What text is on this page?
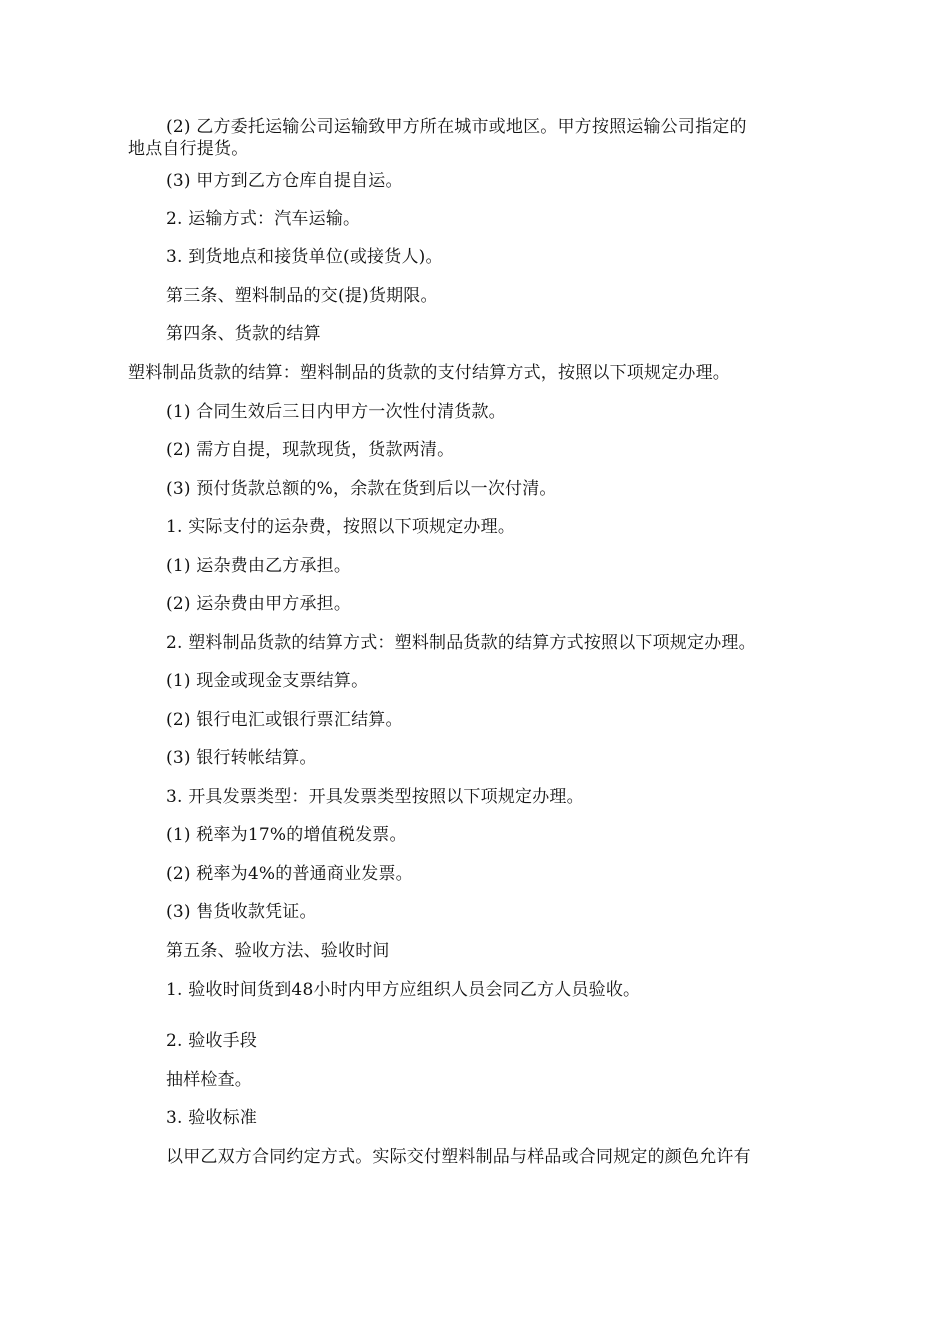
(2) 乙方委托运输公司运输致甲方所在城市或地区。甲方按照运输公司指定的
地点自行提货。
(3) 甲方到乙方仓库自提自运。
2. 运输方式：汽车运输。
3. 到货地点和接货单位(或接货人)。
第三条、塑料制品的交(提)货期限。
第四条、货款的结算
塑料制品货款的结算：塑料制品的货款的支付结算方式，按照以下项规定办理。
(1) 合同生效后三日内甲方一次性付清货款。
(2) 需方自提，现款现货，货款两清。
(3) 预付货款总额的%，余款在货到后以一次付清。
1. 实际支付的运杂费，按照以下项规定办理。
(1) 运杂费由乙方承担。
(2) 运杂费由甲方承担。
2. 塑料制品货款的结算方式：塑料制品货款的结算方式按照以下项规定办理。
(1) 现金或现金支票结算。
(2) 银行电汇或银行票汇结算。
(3) 银行转帐结算。
3. 开具发票类型：开具发票类型按照以下项规定办理。
(1) 税率为17%的增值税发票。
(2) 税率为4%的普通商业发票。
(3) 售货收款凭证。
第五条、验收方法、验收时间
1. 验收时间货到48小时内甲方应组织人员会同乙方人员验收。
2. 验收手段
抽样检查。
3. 验收标准
以甲乙双方合同约定方式。实际交付塑料制品与样品或合同规定的颜色允许有
